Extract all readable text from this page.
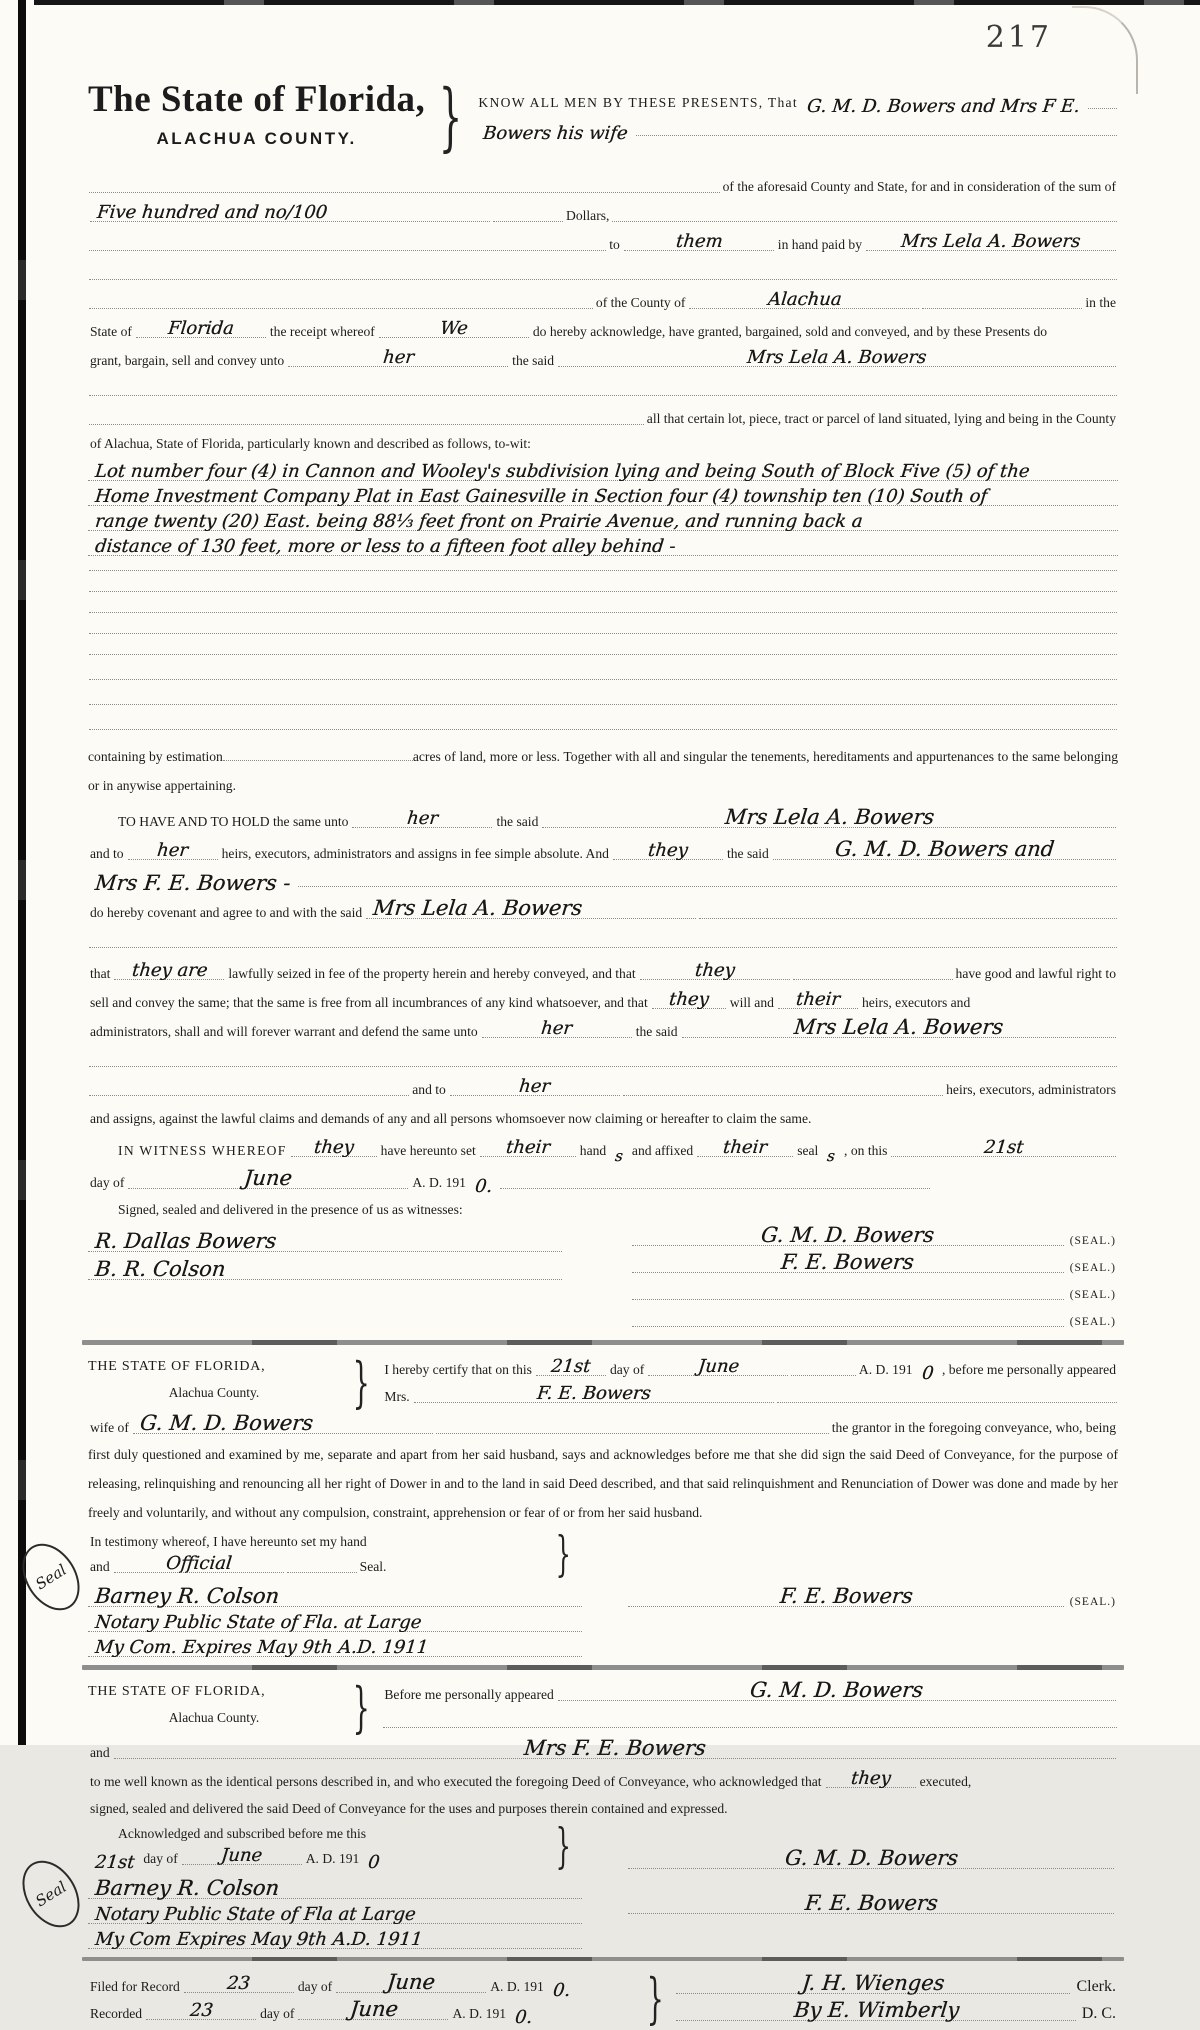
217
The State of Florida,
ALACHUA COUNTY.	} KNOW ALL MEN BY THESE PRESENTS, That G. M. D. Bowers and Mrs F E.
Bowers his wife
of the aforesaid County and State, for and in consideration of the sum of
Five hundred and no/100	Dollars,
to	them	in hand paid by	Mrs Lela A. Bowers
of the County of	Alachua	in the
State of	Florida	the receipt whereof	We	do hereby acknowledge, have granted, bargained, sold and conveyed, and by these Presents do
grant, bargain, sell and convey unto	her	the said	Mrs Lela A. Bowers
all that certain lot, piece, tract or parcel of land situated, lying and being in the County
of Alachua, State of Florida, particularly known and described as follows, to-wit:
Lot number four (4) in Cannon and Wooley's subdivision lying and being South of Block Five (5) of the
Home Investment Company Plat in East Gainesville in Section four (4) township ten (10) South of
range twenty (20) East. being 88⅓ feet front on Prairie Avenue, and running back a
distance of 130 feet, more or less to a fifteen foot alley behind -
containing by estimation	acres of land, more or less. Together with all and singular the tenements, hereditaments and appurtenances to the same belonging or in anywise appertaining.
TO HAVE AND TO HOLD the same unto	her	the said	Mrs Lela A. Bowers
and to	her	heirs, executors, administrators and assigns in fee simple absolute. And	they	the said	G. M. D. Bowers and
Mrs F. E. Bowers -
do hereby covenant and agree to and with the said Mrs Lela A. Bowers
that	they are	lawfully seized in fee of the property herein and hereby conveyed, and that	they	have good and lawful right to
sell and convey the same; that the same is free from all incumbrances of any kind whatsoever, and that	they	will and	their	heirs, executors and
administrators, shall and will forever warrant and defend the same unto	her	the said	Mrs Lela A. Bowers
and to	her	heirs, executors, administrators
and assigns, against the lawful claims and demands of any and all persons whomsoever now claiming or hereafter to claim the same.
IN WITNESS WHEREOF	they	have hereunto set	their	hand s and affixed	their	seal s , on this	21st
day of	June	A. D. 191 0.
Signed, sealed and delivered in the presence of us as witnesses:
R. Dallas Bowers
B. R. Colson
G. M. D. Bowers	(SEAL.)
F. E. Bowers	(SEAL.)
(SEAL.)
(SEAL.)
Seal
THE STATE OF FLORIDA,
Alachua County.	} I hereby certify that on this	21st	day of	June	A. D. 191 0 , before me personally appeared
Mrs.	F. E. Bowers
wife of G. M. D. Bowers	the grantor in the foregoing conveyance, who, being
first duly questioned and examined by me, separate and apart from her said husband, says and acknowledges before me that she did sign the said Deed of Conveyance, for the purpose of releasing, relinquishing and renouncing all her right of Dower in and to the land in said Deed described, and that said relinquishment and Renunciation of Dower was done and made by her freely and voluntarily, and without any compulsion, constraint, apprehension or fear of or from her said husband.
In testimony whereof, I have hereunto set my hand
and	Official	Seal.	}
Barney R. Colson
Notary Public State of Fla. at Large
My Com. Expires May 9th A.D. 1911
F. E. Bowers	(SEAL.)
Seal
THE STATE OF FLORIDA,
Alachua County.	} Before me personally appeared	G. M. D. Bowers
and	Mrs F. E. Bowers
to me well known as the identical persons described in, and who executed the foregoing Deed of Conveyance, who acknowledged that	they	executed,
signed, sealed and delivered the said Deed of Conveyance for the uses and purposes therein contained and expressed.
Acknowledged and subscribed before me this
21st day of	June	A. D. 191 0	}
Barney R. Colson
Notary Public State of Fla at Large
My Com Expires May 9th A.D. 1911
G. M. D. Bowers
F. E. Bowers
Filed for Record	23	day of	June	A. D. 191 0.
Recorded	23	day of	June	A. D. 191 0. }	J. H. Wienges	Clerk.
By E. Wimberly	D. C.
